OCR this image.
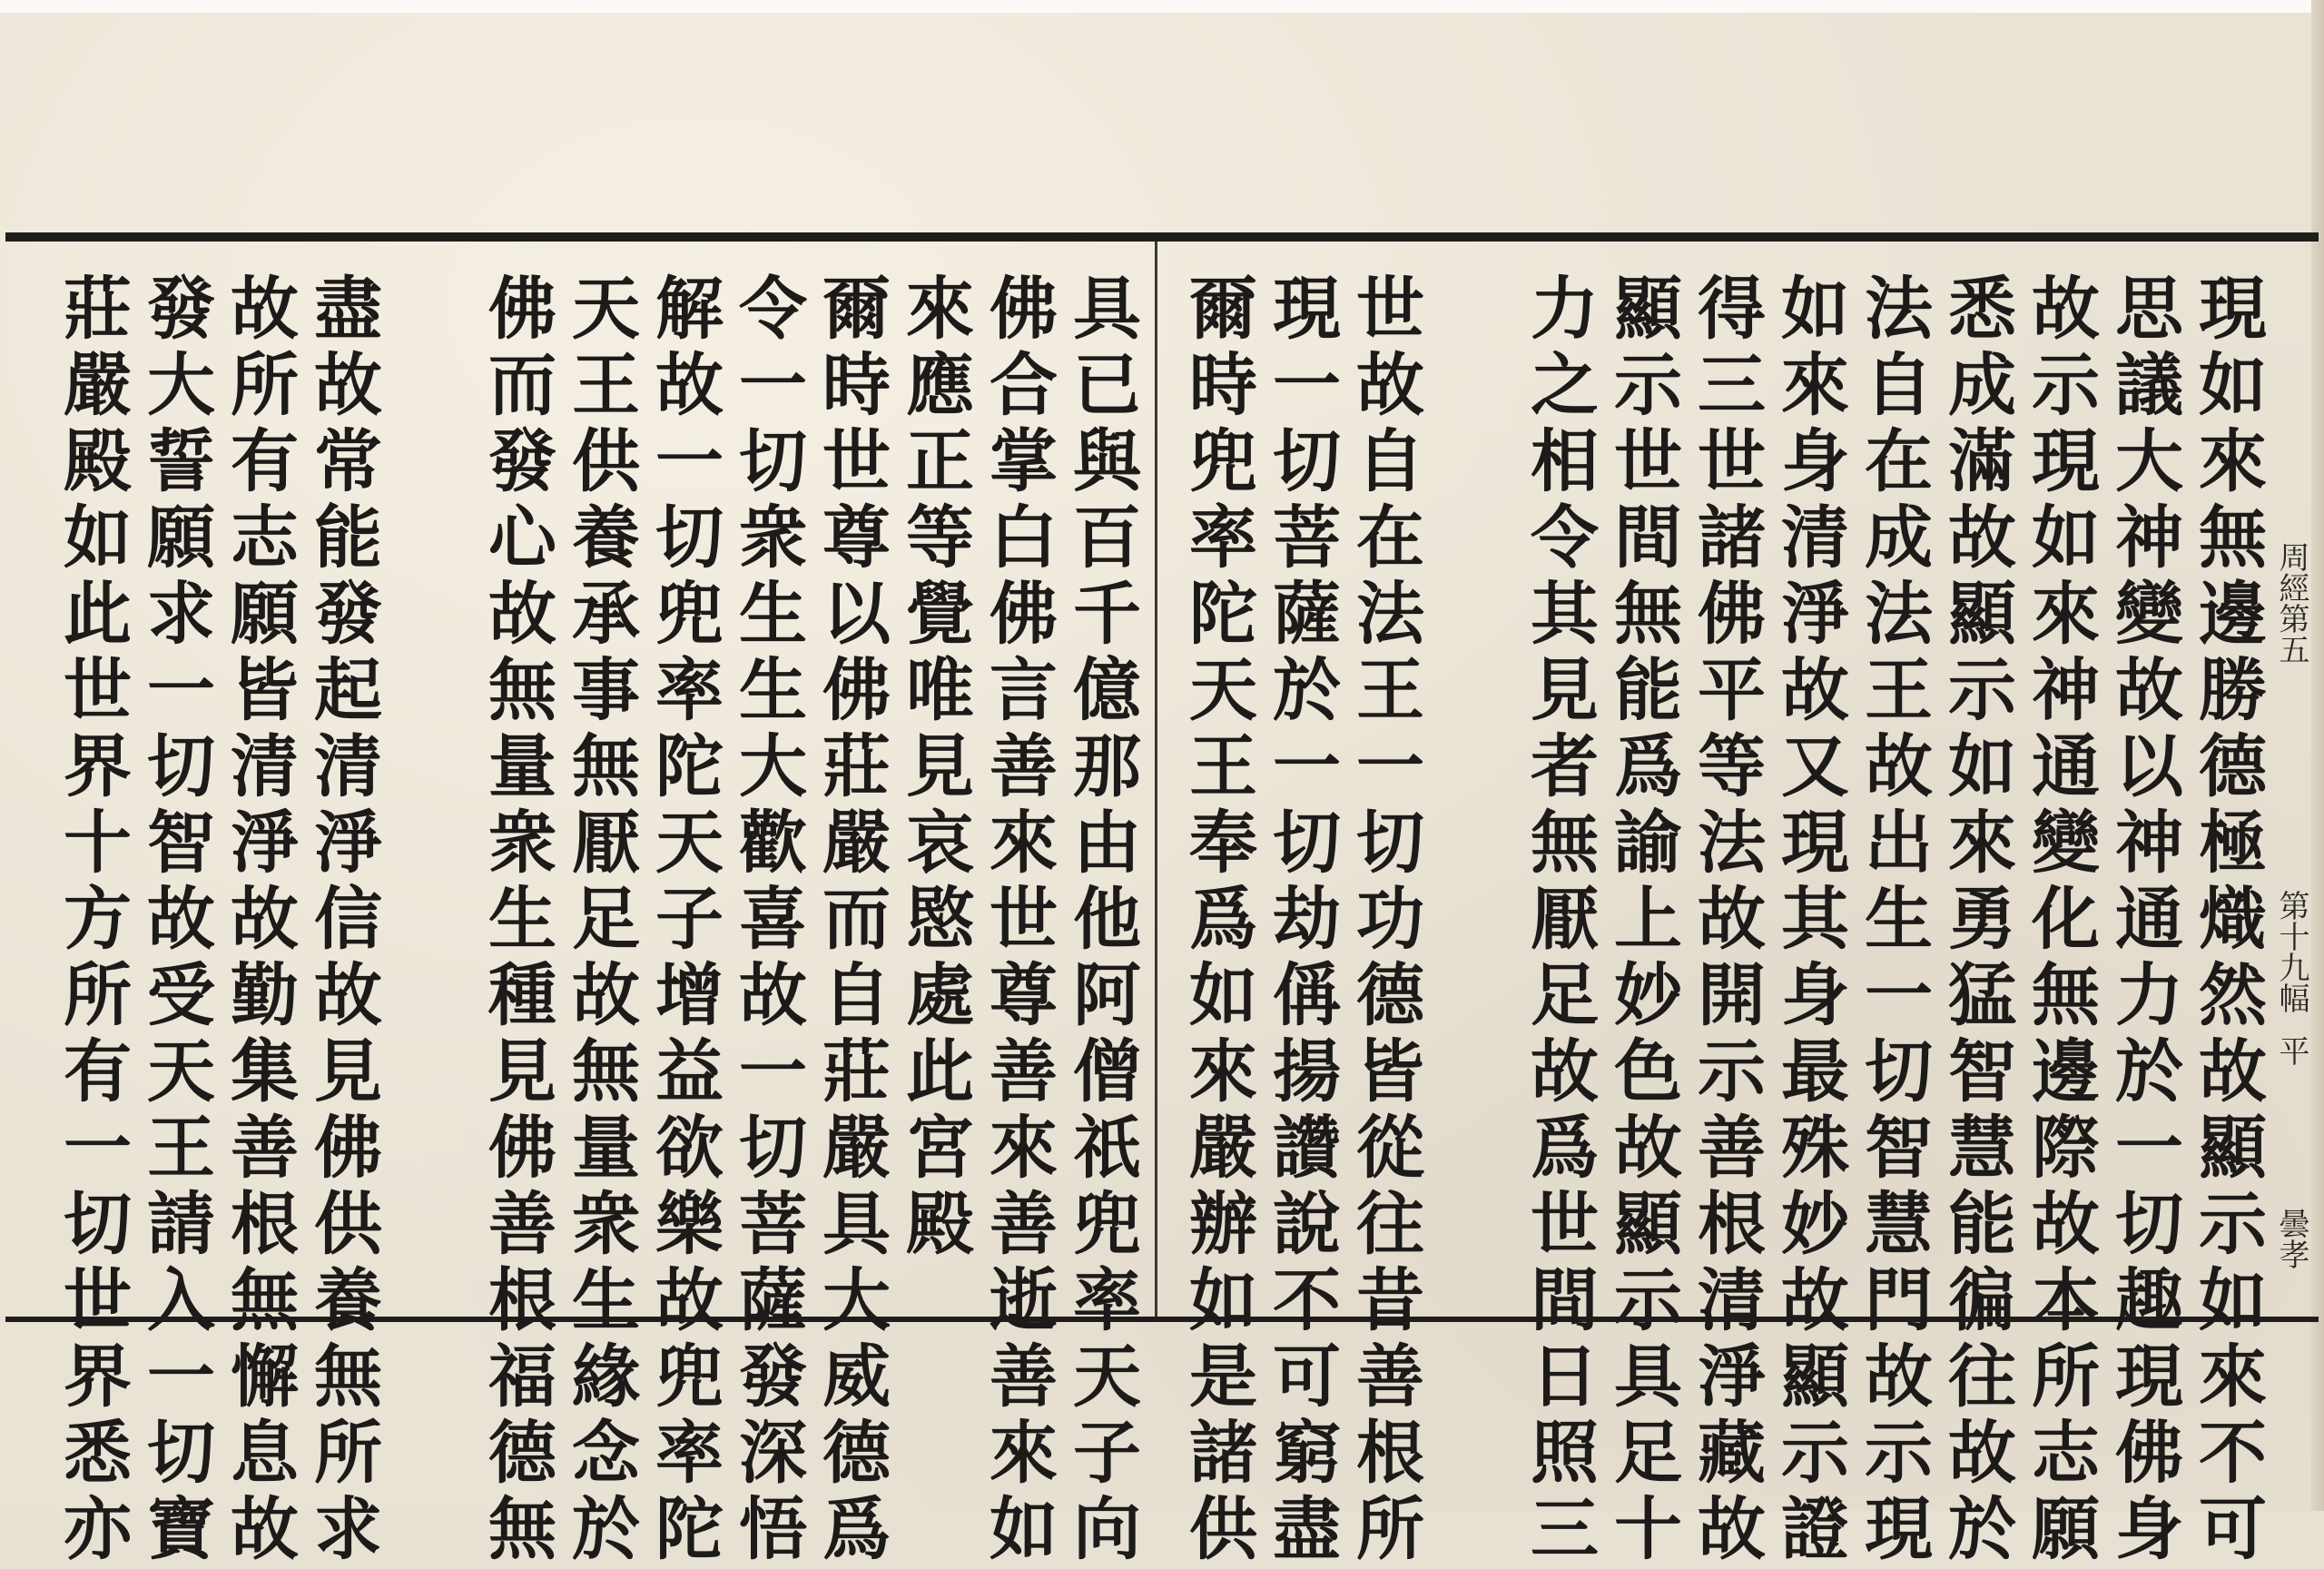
現如來無邊勝德極熾然故顯示如來不可
思議大神變故以神通力於一切趣現佛身
故示現如來神通變化無邊際故本所志願
悉成滿故顯示如來勇猛智慧能徧往故於
法自在成法王故出生一切智慧門故示現
如來身清淨故又現其身最殊妙故顯示證
得三世諸佛平等法故開示善根清淨藏故
顯示世間無能爲諭上妙色故顯示具足十
力之相令其見者無厭足故爲世間日照三
世故自在法王一切功德皆從往昔善根所
現一切菩薩於一切劫偁揚讚說不可窮盡
爾時兜率陀天王奉爲如來嚴辦如是諸供
具已與百千億那由他阿僧祇兜率天子向
佛合掌白佛言善來世尊善來善逝善來如
來應正等覺唯見哀愍處此宮殿
爾時世尊以佛莊嚴而自莊嚴具大威德爲
令一切衆生生大歡喜故一切菩薩發深悟
解故一切兜率陀天子增益欲樂故兜率陀
天王供養承事無厭足故無量衆生緣念於
佛而發心故無量衆生種見佛善根福德無
盡故常能發起清淨信故見佛供養無所求
故所有志願皆清淨故勤集善根無懈息故
發大誓願求一切智故受天王請入一切寶
莊嚴殿如此世界十方所有一切世界悉亦	周經第五
第十九幅
平
曇孝
